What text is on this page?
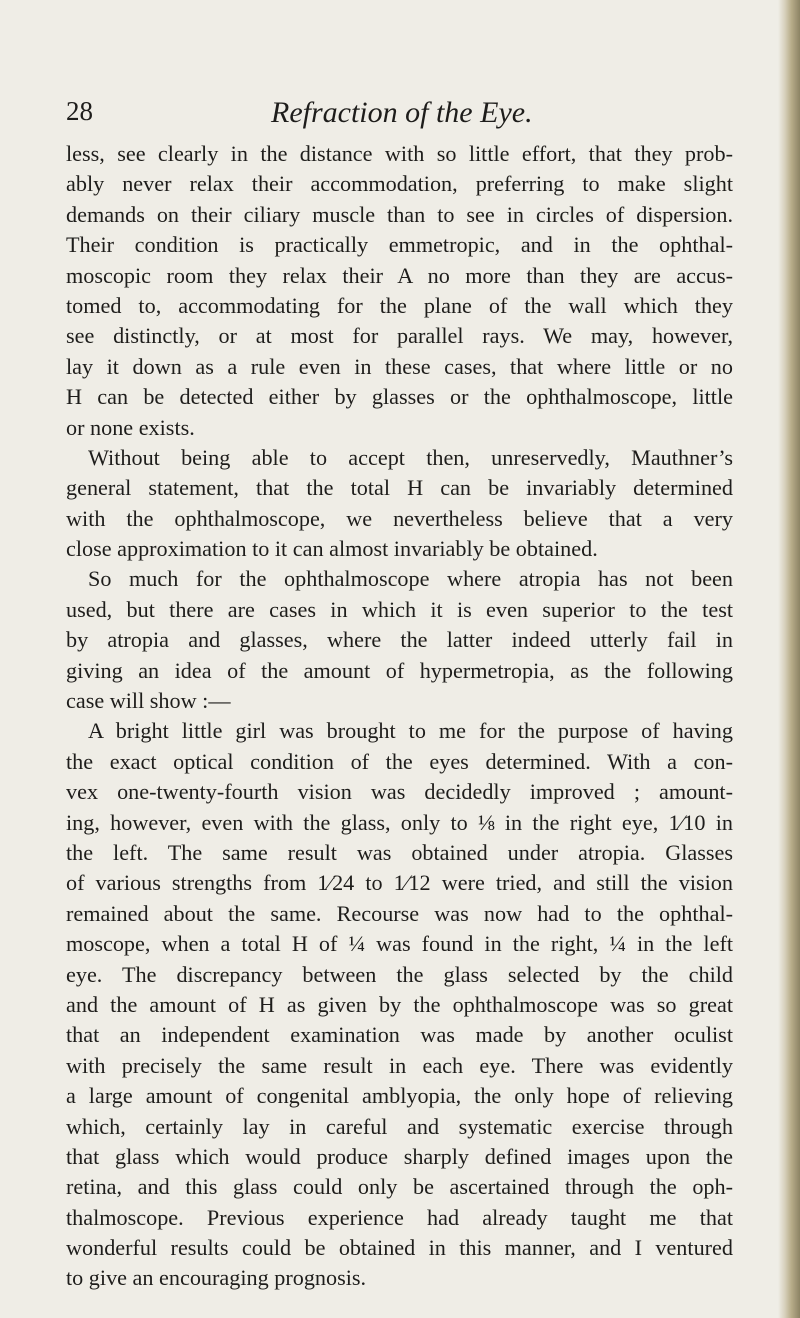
28	Refraction of the Eye.
less, see clearly in the distance with so little effort, that they prob-
ably never relax their accommodation, preferring to make slight
demands on their ciliary muscle than to see in circles of dispersion.
Their condition is practically emmetropic, and in the ophthal-
moscopic room they relax their A no more than they are accus-
tomed to, accommodating for the plane of the wall which they
see distinctly, or at most for parallel rays. We may, however,
lay it down as a rule even in these cases, that where little or no
H can be detected either by glasses or the ophthalmoscope, little
or none exists.
Without being able to accept then, unreservedly, Mauthner’s
general statement, that the total H can be invariably determined
with the ophthalmoscope, we nevertheless believe that a very
close approximation to it can almost invariably be obtained.
So much for the ophthalmoscope where atropia has not been
used, but there are cases in which it is even superior to the test
by atropia and glasses, where the latter indeed utterly fail in
giving an idea of the amount of hypermetropia, as the following
case will show :—
A bright little girl was brought to me for the purpose of having
the exact optical condition of the eyes determined. With a con-
vex one-twenty-fourth vision was decidedly improved ; amount-
ing, however, even with the glass, only to ⅛ in the right eye, 1⁄10 in
the left. The same result was obtained under atropia. Glasses
of various strengths from 1⁄24 to 1⁄12 were tried, and still the vision
remained about the same. Recourse was now had to the ophthal-
moscope, when a total H of ¼ was found in the right, ¼ in the left
eye. The discrepancy between the glass selected by the child
and the amount of H as given by the ophthalmoscope was so great
that an independent examination was made by another oculist
with precisely the same result in each eye. There was evidently
a large amount of congenital amblyopia, the only hope of relieving
which, certainly lay in careful and systematic exercise through
that glass which would produce sharply defined images upon the
retina, and this glass could only be ascertained through the oph-
thalmoscope. Previous experience had already taught me that
wonderful results could be obtained in this manner, and I ventured
to give an encouraging prognosis.
